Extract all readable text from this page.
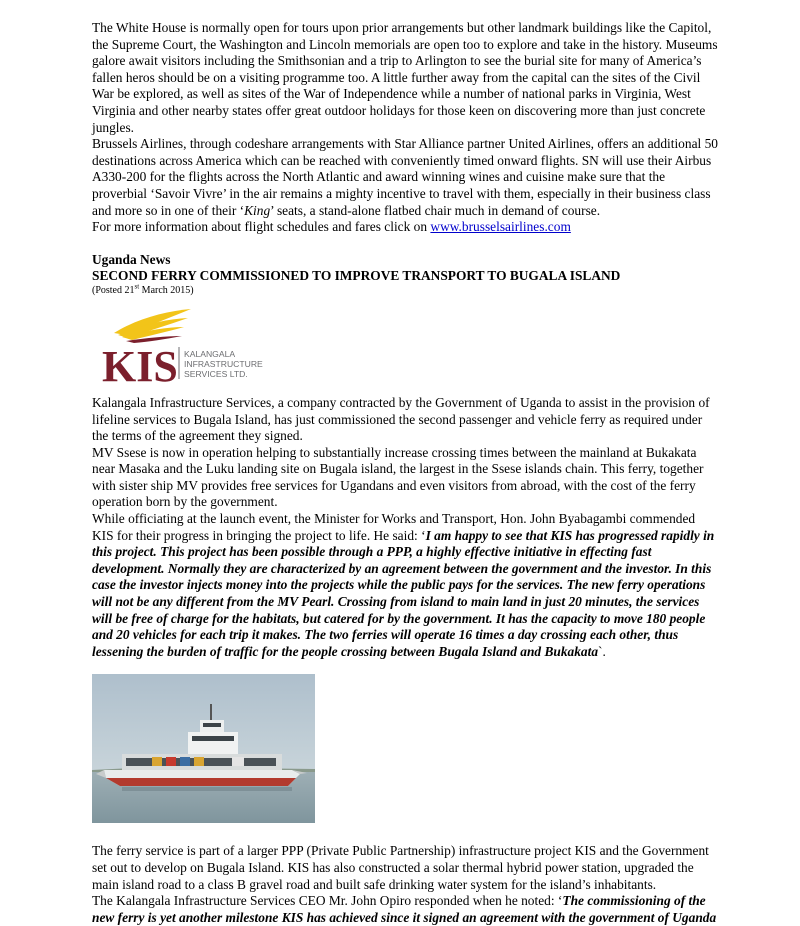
The White House is normally open for tours upon prior arrangements but other landmark buildings like the Capitol, the Supreme Court, the Washington and Lincoln memorials are open too to explore and take in the history. Museums galore await visitors including the Smithsonian and a trip to Arlington to see the burial site for many of America’s fallen heros should be on a visiting programme too. A little further away from the capital can the sites of the Civil War be explored, as well as sites of the War of Independence while a number of national parks in Virginia, West Virginia and other nearby states offer great outdoor holidays for those keen on discovering more than just concrete jungles.

Brussels Airlines, through codeshare arrangements with Star Alliance partner United Airlines, offers an additional 50 destinations across America which can be reached with conveniently timed onward flights. SN will use their Airbus A330-200 for the flights across the North Atlantic and award winning wines and cuisine make sure that the proverbial ‘Savoir Vivre’ in the air remains a mighty incentive to travel with them, especially in their business class and more so in one of their ‘King’ seats, a stand-alone flatbed chair much in demand of course.

For more information about flight schedules and fares click on www.brusselsairlines.com

Uganda News

SECOND FERRY COMMISSIONED TO IMPROVE TRANSPORT TO BUGALA ISLAND

(Posted 21st March 2015)

KIS KALANGALA
INFRASTRUCTURE
SERVICES LTD.

Kalangala Infrastructure Services, a company contracted by the Government of Uganda to assist in the provision of lifeline services to Bugala Island, has just commissioned the second passenger and vehicle ferry as required under the terms of the agreement they signed.

MV Ssese is now in operation helping to substantially increase crossing times between the mainland at Bukakata near Masaka and the Luku landing site on Bugala island, the largest in the Ssese islands chain. This ferry, together with sister ship MV provides free services for Ugandans and even visitors from abroad, with the cost of the ferry operation born by the government.

While officiating at the launch event, the Minister for Works and Transport, Hon. John Byabagambi commended KIS for their progress in bringing the project to life. He said: ‘I am happy to see that KIS has progressed rapidly in this project. This project has been possible through a PPP, a highly effective initiative in effecting fast development. Normally they are characterized by an agreement between the government and the investor. In this case the investor injects money into the projects while the public pays for the services. The new ferry operations will not be any different from the MV Pearl. Crossing from island to main land in just 20 minutes, the services will be free of charge for the habitats, but catered for by the government. It has the capacity to move 180 people and 20 vehicles for each trip it makes. The two ferries will operate 16 times a day crossing each other, thus lessening the burden of traffic for the people crossing between Bugala Island and Bukakata`.

The ferry service is part of a larger PPP (Private Public Partnership) infrastructure project KIS and the Government set out to develop on Bugala Island. KIS has also constructed a solar thermal hybrid power station, upgraded the main island road to a class B gravel road and built safe drinking water system for the island’s inhabitants.

The Kalangala Infrastructure Services CEO Mr. John Opiro responded when he noted: ‘The commissioning of the new ferry is yet another milestone KIS has achieved since it signed an agreement with the government of Uganda
